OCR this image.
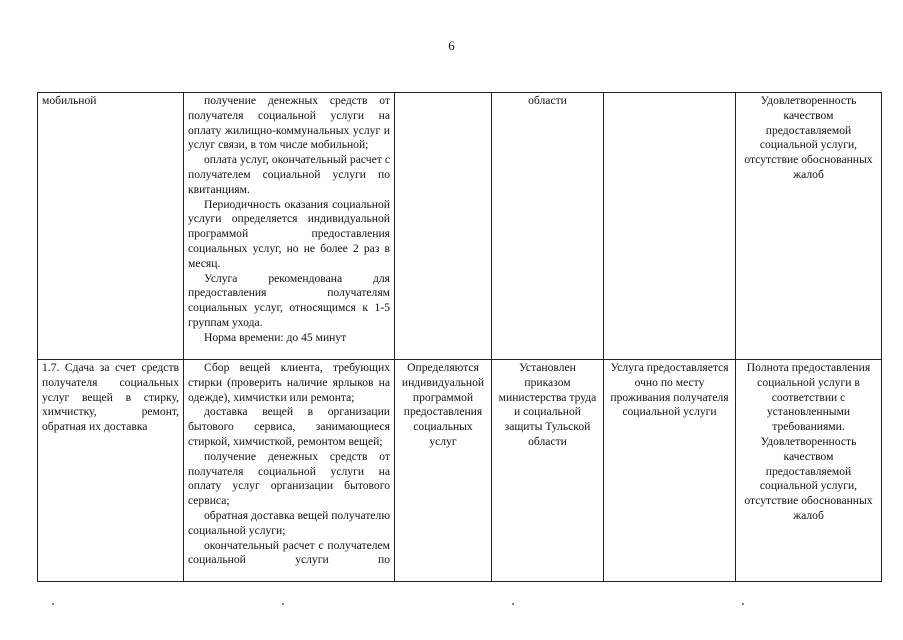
6
мобильной	получение денежных средств от получателя социальной услуги на оплату жилищно-коммунальных услуг и услуг связи, в том числе мобильной;
оплата услуг, окончательный расчет с получателем социальной услуги по квитанциям.
Периодичность оказания социальной услуги определяется индивидуальной программой предоставления социальных услуг, но не более 2 раз в месяц.
Услуга рекомендована для предоставления получателям социальных услуг, относящимся к 1-5 группам ухода.
Норма времени: до 45 минут		области		Удовлетворенность качеством предоставляемой социальной услуги, отсутствие обоснованных жалоб
1.7. Сдача за счет средств получателя социальных услуг вещей в стирку, химчистку, ремонт, обратная их доставка	Сбор вещей клиента, требующих стирки (проверить наличие ярлыков на одежде), химчистки или ремонта;
доставка вещей в организации бытового сервиса, занимающиеся стиркой, химчисткой, ремонтом вещей;
получение денежных средств от получателя социальной услуги на оплату услуг организации бытового сервиса;
обратная доставка вещей получателю социальной услуги;
окончательный расчет с получателем социальной услуги по	Определяются индивидуальной программой предоставления социальных услуг	Установлен приказом министерства труда и социальной защиты Тульской области	Услуга предоставляется очно по месту проживания получателя социальной услуги	Полнота предоставления социальной услуги в соответствии с установленными требованиями. Удовлетворенность качеством предоставляемой социальной услуги, отсутствие обоснованных жалоб
